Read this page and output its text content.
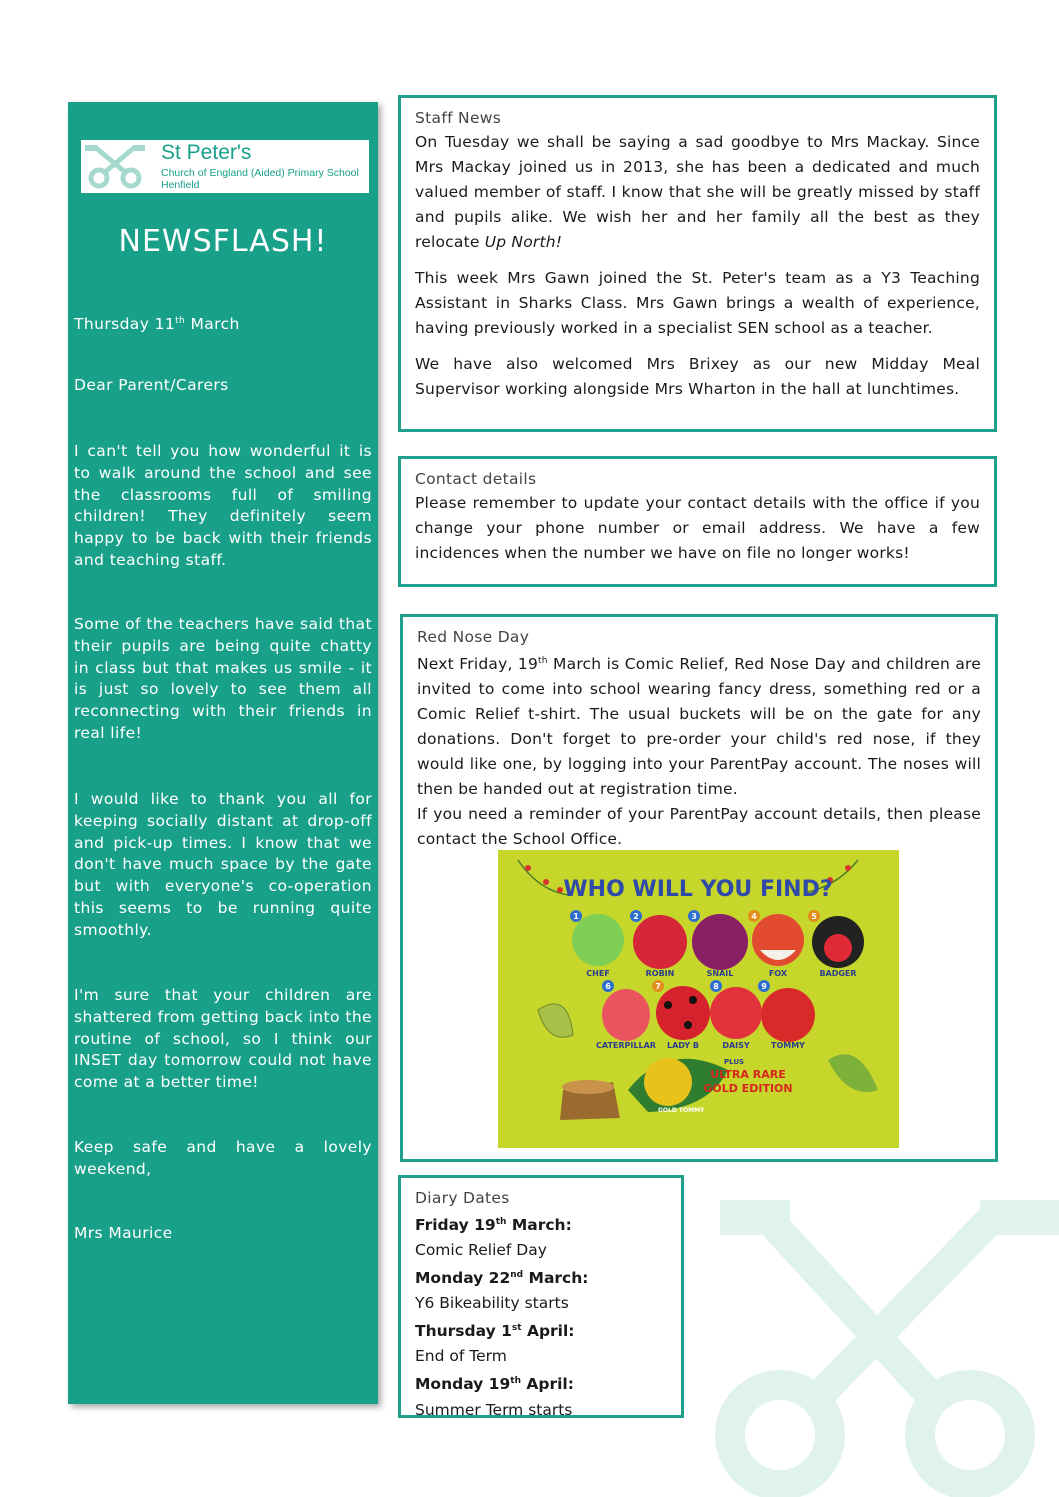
St Peter's
Church of England (Aided) Primary School
Henfield
NEWSFLASH!
Thursday 11th March
Dear Parent/Carers
I can't tell you how wonderful it is to walk around the school and see the classrooms full of smiling children! They definitely seem happy to be back with their friends and teaching staff.
Some of the teachers have said that their pupils are being quite chatty in class but that makes us smile - it is just so lovely to see them all reconnecting with their friends in real life!
I would like to thank you all for keeping socially distant at drop-off and pick-up times. I know that we don't have much space by the gate but with everyone's co-operation this seems to be running quite smoothly.
I'm sure that your children are shattered from getting back into the routine of school, so I think our INSET day tomorrow could not have come at a better time!
Keep safe and have a lovely weekend,
Mrs Maurice
Staff News

On Tuesday we shall be saying a sad goodbye to Mrs Mackay. Since Mrs Mackay joined us in 2013, she has been a dedicated and much valued member of staff. I know that she will be greatly missed by staff and pupils alike. We wish her and her family all the best as they relocate Up North!

This week Mrs Gawn joined the St. Peter's team as a Y3 Teaching Assistant in Sharks Class. Mrs Gawn brings a wealth of experience, having previously worked in a specialist SEN school as a teacher.

We have also welcomed Mrs Brixey as our new Midday Meal Supervisor working alongside Mrs Wharton in the hall at lunchtimes.

Contact details

Please remember to update your contact details with the office if you change your phone number or email address. We have a few incidences when the number we have on file no longer works!

Red Nose Day

Next Friday, 19th March is Comic Relief, Red Nose Day and children are invited to come into school wearing fancy dress, something red or a Comic Relief t-shirt. The usual buckets will be on the gate for any donations. Don't forget to pre-order your child's red nose, if they would like one, by logging into your ParentPay account. The noses will then be handed out at registration time.

If you need a reminder of your ParentPay account details, then please contact the School Office.

WHO WILL YOU FIND?
CHEF	ROBIN	SNAIL	FOX	BADGER
1	2	3	4	5
6	7	8	9
CATERPILLAR LADY B	DAISY	TOMMY
PLUS
ULTRA RARE
GOLD EDITION
GOLD TOMMY
Diary Dates
Friday 19th March:
Comic Relief Day
Monday 22nd March:
Y6 Bikeability starts
Thursday 1st April:
End of Term
Monday 19th April:
Summer Term starts
